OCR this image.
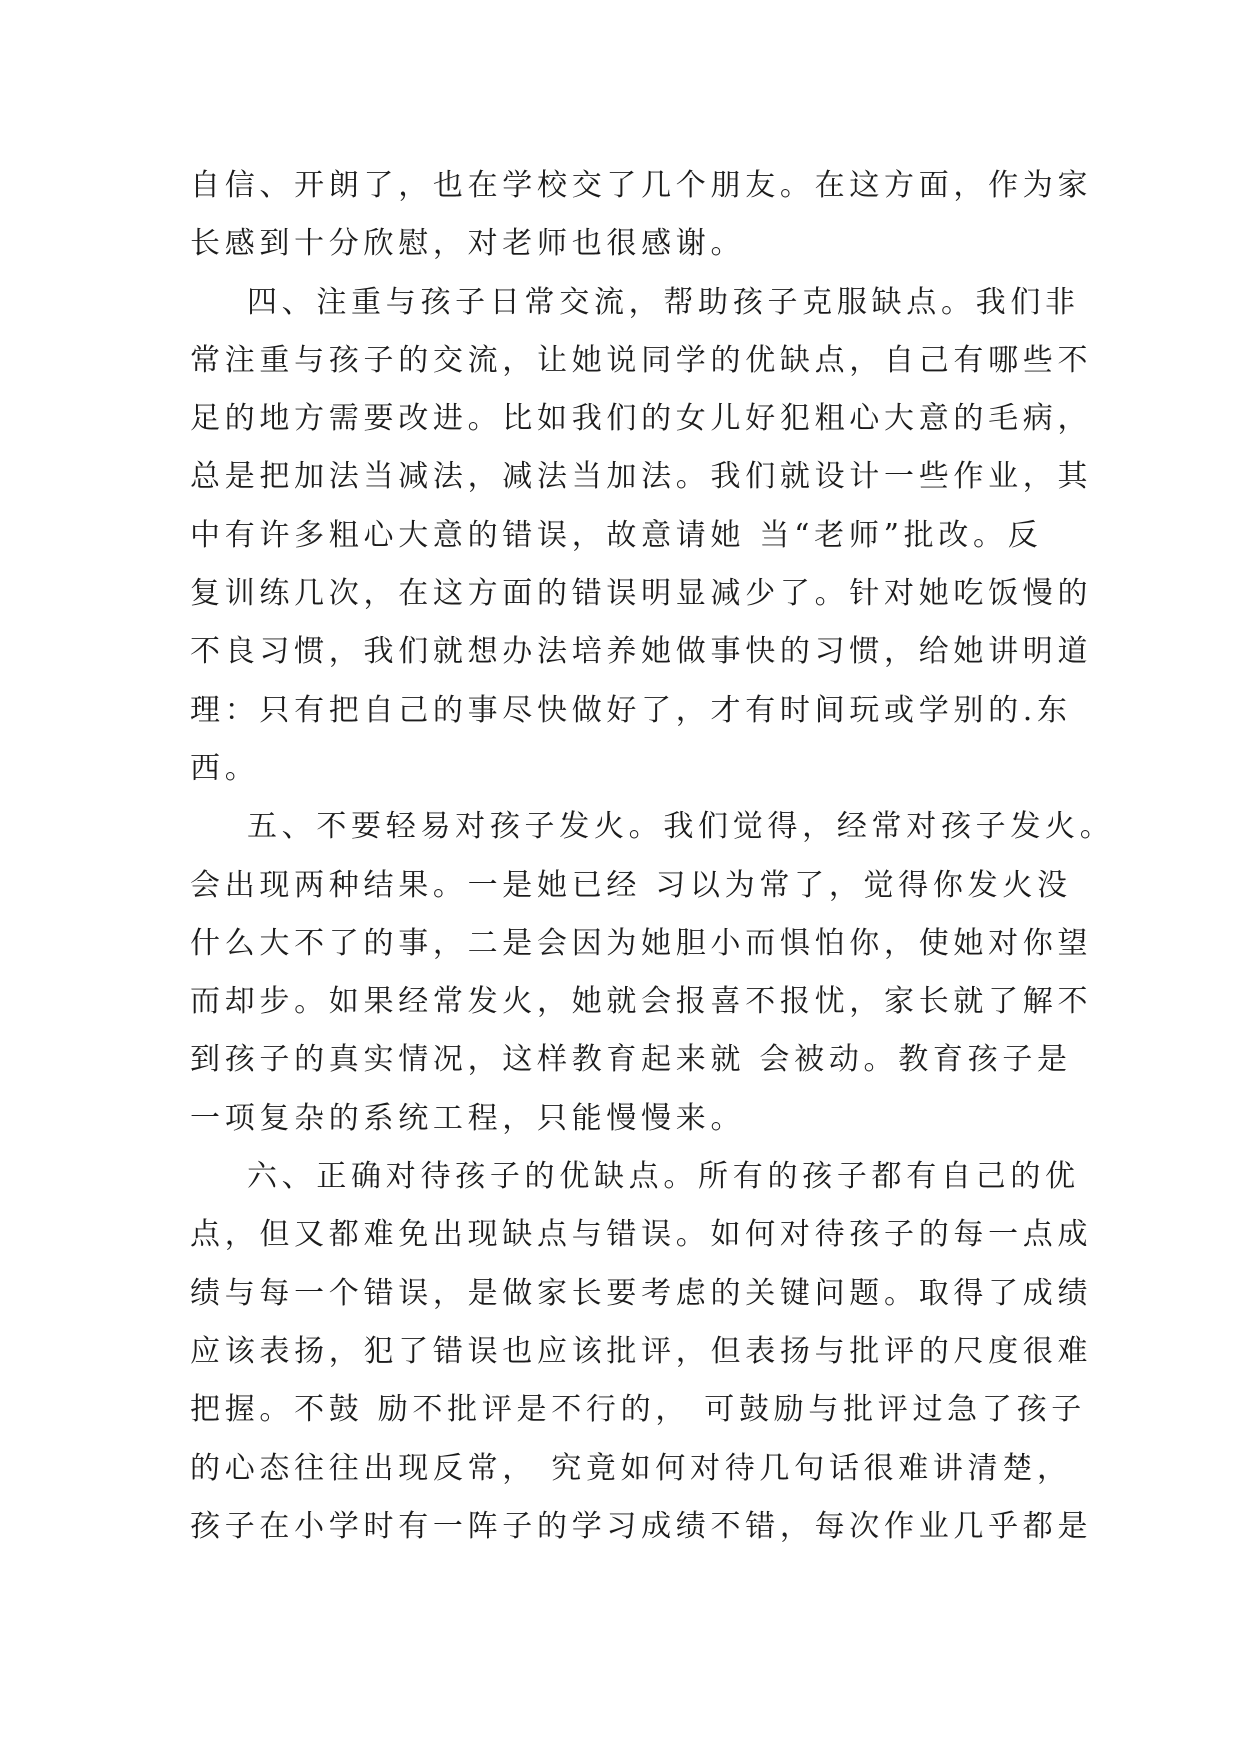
自信、开朗了，也在学校交了几个朋友。在这方面，作为家
长感到十分欣慰，对老师也很感谢。
四、注重与孩子日常交流，帮助孩子克服缺点。我们非
常注重与孩子的交流，让她说同学的优缺点，自己有哪些不
足的地方需要改进。比如我们的女儿好犯粗心大意的毛病，
总是把加法当减法，减法当加法。我们就设计一些作业，其
中有许多粗心大意的错误，故意请她 当“老师”批改。反
复训练几次，在这方面的错误明显减少了。针对她吃饭慢的
不良习惯，我们就想办法培养她做事快的习惯，给她讲明道
理：只有把自己的事尽快做好了，才有时间玩或学别的.东
西。
五、不要轻易对孩子发火。我们觉得，经常对孩子发火。
会出现两种结果。一是她已经 习以为常了，觉得你发火没
什么大不了的事，二是会因为她胆小而惧怕你，使她对你望
而却步。如果经常发火，她就会报喜不报忧，家长就了解不
到孩子的真实情况，这样教育起来就 会被动。教育孩子是
一项复杂的系统工程，只能慢慢来。
六、正确对待孩子的优缺点。所有的孩子都有自己的优
点，但又都难免出现缺点与错误。如何对待孩子的每一点成
绩与每一个错误，是做家长要考虑的关键问题。取得了成绩
应该表扬，犯了错误也应该批评，但表扬与批评的尺度很难
把握。不鼓 励不批评是不行的， 可鼓励与批评过急了孩子
的心态往往出现反常， 究竟如何对待几句话很难讲清楚，
孩子在小学时有一阵子的学习成绩不错，每次作业几乎都是
